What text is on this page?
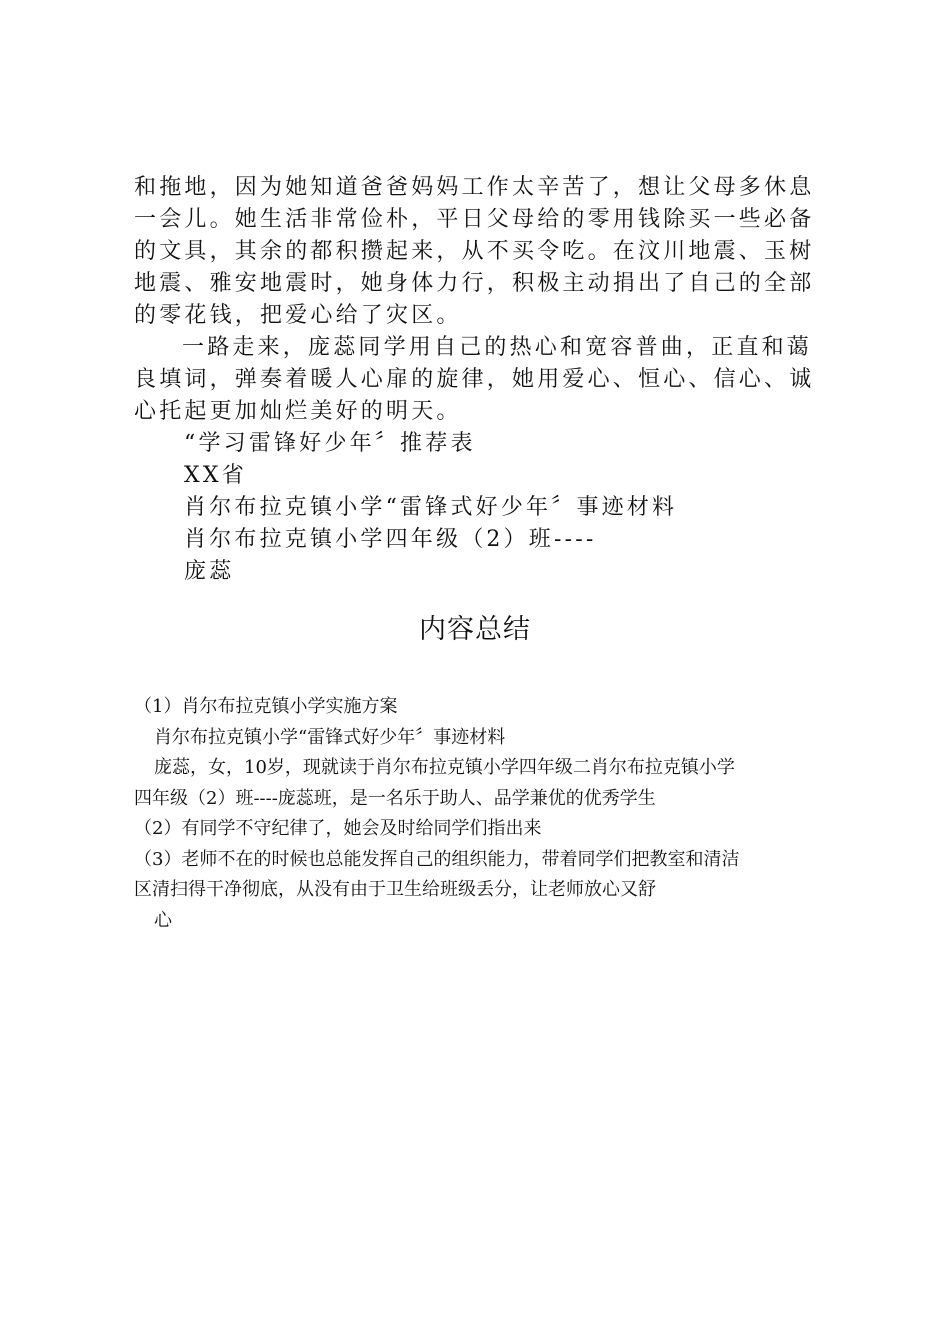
和拖地，因为她知道爸爸妈妈工作太辛苦了，想让父母多休息
一会儿。她生活非常俭朴，平日父母给的零用钱除买一些必备
的文具，其余的都积攒起来，从不买令吃。在汶川地震、玉树
地震、雅安地震时，她身体力行，积极主动捐出了自己的全部
的零花钱，把爱心给了灾区。
一路走来，庞蕊同学用自己的热心和宽容普曲，正直和蔼
良填词，弹奏着暖人心扉的旋律，她用爱心、恒心、信心、诚
心托起更加灿烂美好的明天。
“学习雷锋好少年〞推荐表
XX省
肖尔布拉克镇小学“雷锋式好少年〞事迹材料
肖尔布拉克镇小学四年级（2）班----
庞蕊
内容总结
（1）肖尔布拉克镇小学实施方案
肖尔布拉克镇小学“雷锋式好少年〞事迹材料
庞蕊，女，10岁，现就读于肖尔布拉克镇小学四年级二肖尔布拉克镇小学
四年级（2）班----庞蕊班，是一名乐于助人、品学兼优的优秀学生
（2）有同学不守纪律了，她会及时给同学们指出来
（3）老师不在的时候也总能发挥自己的组织能力，带着同学们把教室和清洁
区清扫得干净彻底，从没有由于卫生给班级丢分，让老师放心又舒
心
